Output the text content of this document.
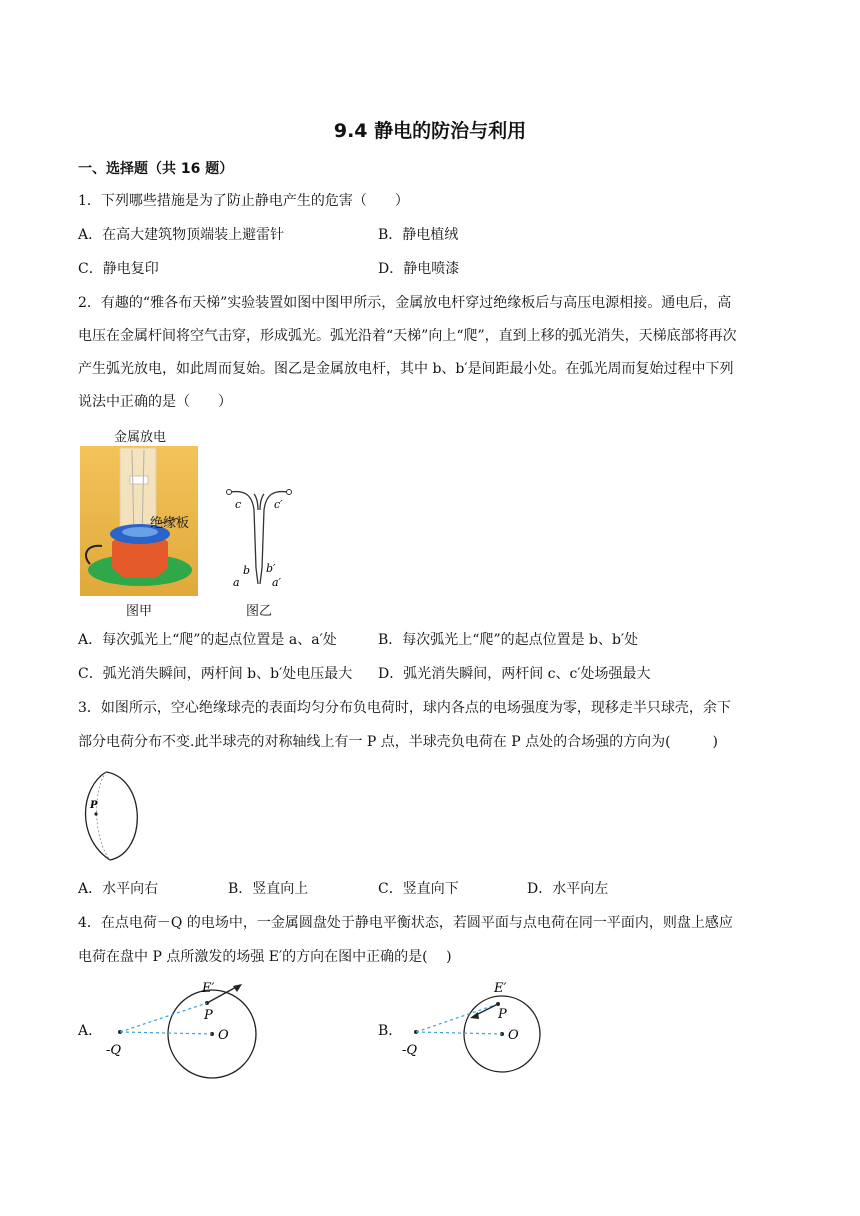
9.4 静电的防治与利用
一、选择题（共 16 题）
1．下列哪些措施是为了防止静电产生的危害（　　）
A．在高大建筑物顶端装上避雷针	B．静电植绒
C．静电复印	D．静电喷漆
2．有趣的“雅各布天梯”实验装置如图中图甲所示，金属放电杆穿过绝缘板后与高压电源相接。通电后，高
电压在金属杆间将空气击穿，形成弧光。弧光沿着“天梯”向上“爬”，直到上移的弧光消失，天梯底部将再次
产生弧光放电，如此周而复始。图乙是金属放电杆，其中 b、b′是间距最小处。在弧光周而复始过程中下列
说法中正确的是（　　）
金属放电
绝缘板
图甲
c	c′
b b′
a	a′
图乙
A．每次弧光上“爬”的起点位置是 a、a′处	B．每次弧光上“爬”的起点位置是 b、b′处
C．弧光消失瞬间，两杆间 b、b′处电压最大 D．弧光消失瞬间，两杆间 c、c′处场强最大
3．如图所示，空心绝缘球壳的表面均匀分布负电荷时，球内各点的电场强度为零，现移走半只球壳，余下
部分电荷分布不变.此半球壳的对称轴线上有一 P 点，半球壳负电荷在 P 点处的合场强的方向为(　　　)
P
A．水平向右	B．竖直向上	C．竖直向下	D．水平向左
4．在点电荷－Q 的电场中，一金属圆盘处于静电平衡状态，若圆平面与点电荷在同一平面内，则盘上感应
电荷在盘中 P 点所激发的场强 E′的方向在图中正确的是(　 )
A．
E′
P
O
-Q
B．
E′
P
O
-Q
